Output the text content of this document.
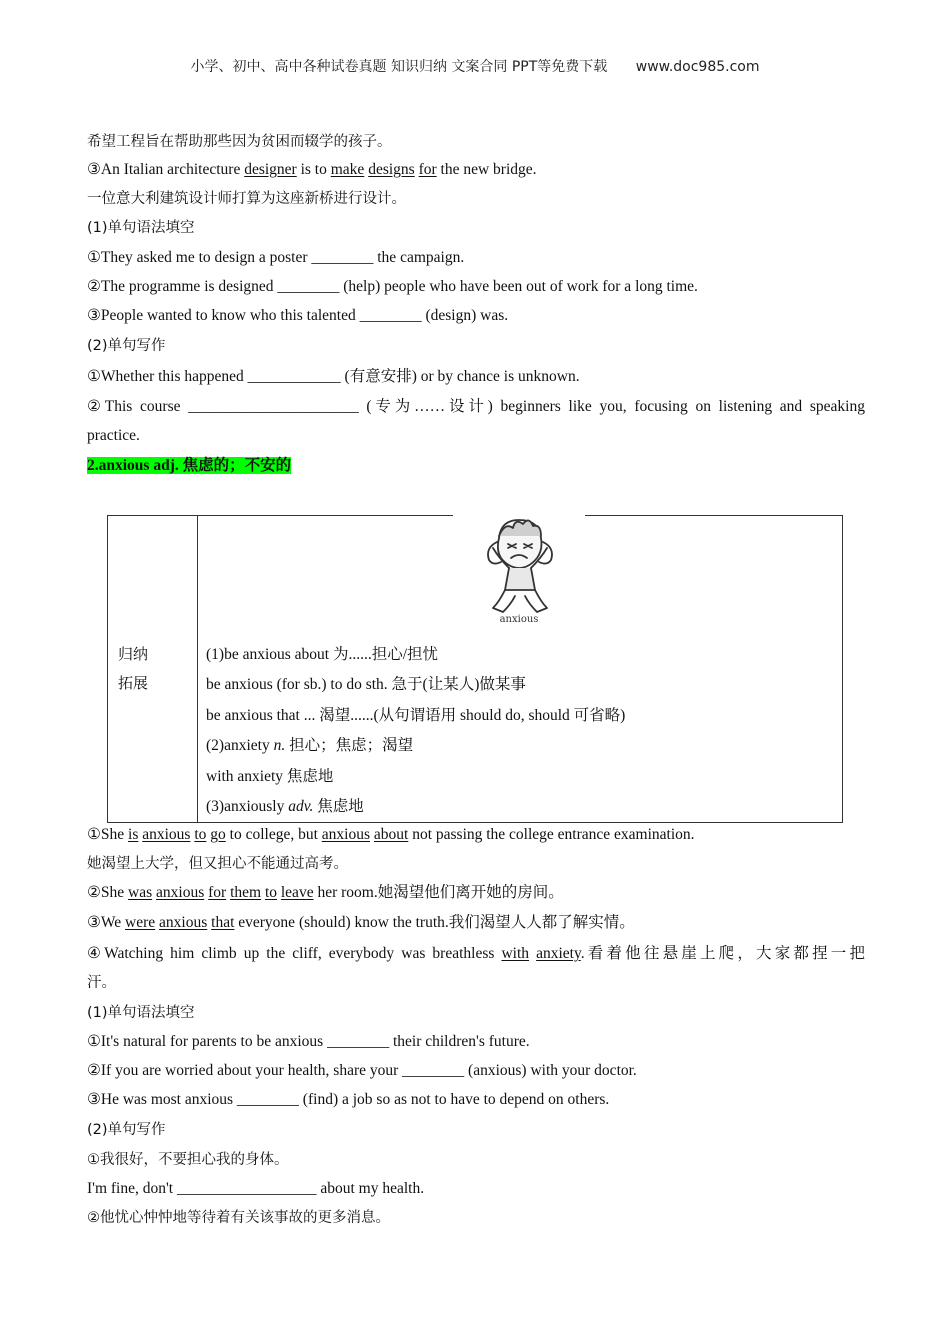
小学、初中、高中各种试卷真题 知识归纳 文案合同 PPT等免费下载 www.doc985.com
希望工程旨在帮助那些因为贫困而辍学的孩子。
③An Italian architecture designer is to make designs for the new bridge.
一位意大利建筑设计师打算为这座新桥进行设计。
(1)单句语法填空
①They asked me to design a poster ________ the campaign.
②The programme is designed ________ (help) people who have been out of work for a long time.
③People wanted to know who this talented ________ (design) was.
(2)单句写作
①Whether this happened ____________ (有意安排) or by chance is unknown.
②This course ______________________ (专为……设计) beginners like you, focusing on listening and speaking
practice.
2.anxious adj. 焦虑的；不安的
归纳
拓展
(1)be anxious about 为......担心/担忧
be anxious (for sb.) to do sth. 急于(让某人)做某事
be anxious that ... 渴望......(从句谓语用 should do, should 可省略)
(2)anxiety n. 担心；焦虑；渴望
with anxiety 焦虑地
(3)anxiously adv. 焦虑地
anxious
①She is anxious to go to college, but anxious about not passing the college entrance examination.
她渴望上大学，但又担心不能通过高考。
②She was anxious for them to leave her room.她渴望他们离开她的房间。
③We were anxious that everyone (should) know the truth.我们渴望人人都了解实情。
④Watching him climb up the cliff, everybody was breathless with anxiety.看着他往悬崖上爬，大家都捏一把
汗。
(1)单句语法填空
①It's natural for parents to be anxious ________ their children's future.
②If you are worried about your health, share your ________ (anxious) with your doctor.
③He was most anxious ________ (find) a job so as not to have to depend on others.
(2)单句写作
①我很好，不要担心我的身体。
I'm fine, don't __________________ about my health.
②他忧心忡忡地等待着有关该事故的更多消息。
